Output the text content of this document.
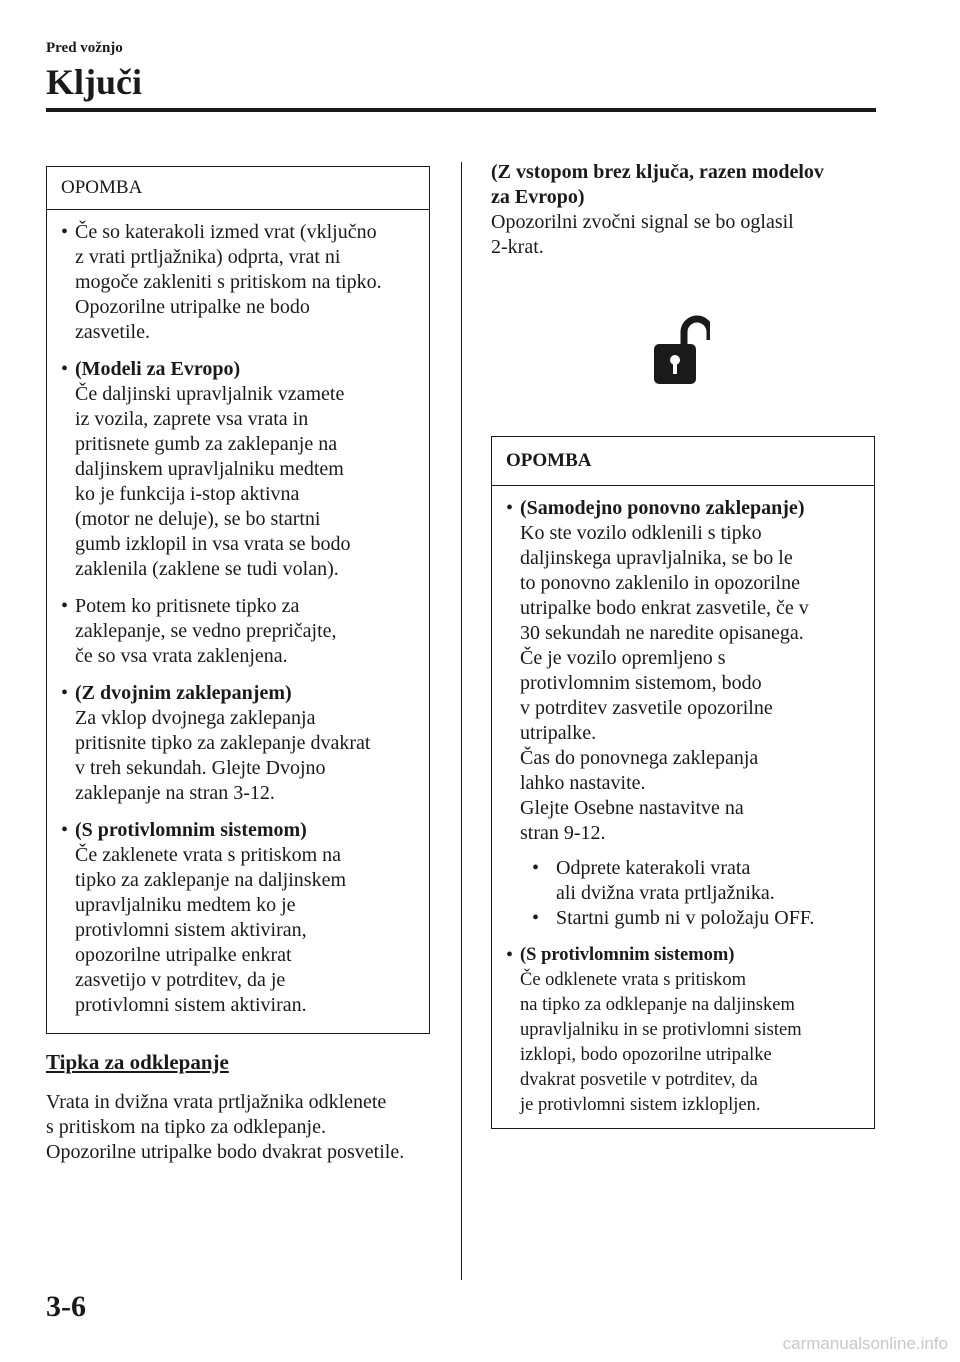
Pred vožnjo
Ključi
OPOMBA
• Če so katerakoli izmed vrat (vključno
z vrati prtljažnika) odprta, vrat ni
mogoče zakleniti s pritiskom na tipko.
Opozorilne utripalke ne bodo
zasvetile.
• (Modeli za Evropo)
Če daljinski upravljalnik vzamete
iz vozila, zaprete vsa vrata in
pritisnete gumb za zaklepanje na
daljinskem upravljalniku medtem
ko je funkcija i-stop aktivna
(motor ne deluje), se bo startni
gumb izklopil in vsa vrata se bodo
zaklenila (zaklene se tudi volan).
• Potem ko pritisnete tipko za
zaklepanje, se vedno prepričajte,
če so vsa vrata zaklenjena.
• (Z dvojnim zaklepanjem)
Za vklop dvojnega zaklepanja
pritisnite tipko za zaklepanje dvakrat
v treh sekundah. Glejte Dvojno
zaklepanje na stran 3-12.
• (S protivlomnim sistemom)
Če zaklenete vrata s pritiskom na
tipko za zaklepanje na daljinskem
upravljalniku medtem ko je
protivlomni sistem aktiviran,
opozorilne utripalke enkrat
zasvetijo v potrditev, da je
protivlomni sistem aktiviran.
Tipka za odklepanje
Vrata in dvižna vrata prtljažnika odklenete
s pritiskom na tipko za odklepanje.
Opozorilne utripalke bodo dvakrat posvetile.
(Z vstopom brez ključa, razen modelov
za Evropo)
Opozorilni zvočni signal se bo oglasil
2-krat.
OPOMBA
• (Samodejno ponovno zaklepanje)
Ko ste vozilo odklenili s tipko
daljinskega upravljalnika, se bo le
to ponovno zaklenilo in opozorilne
utripalke bodo enkrat zasvetile, če v
30 sekundah ne naredite opisanega.
Če je vozilo opremljeno s
protivlomnim sistemom, bodo
v potrditev zasvetile opozorilne
utripalke.
Čas do ponovnega zaklepanja
lahko nastavite.
Glejte Osebne nastavitve na
stran 9-12.
• Odprete katerakoli vrata
ali dvižna vrata prtljažnika.
• Startni gumb ni v položaju OFF.
• (S protivlomnim sistemom)
Če odklenete vrata s pritiskom
na tipko za odklepanje na daljinskem
upravljalniku in se protivlomni sistem
izklopi, bodo opozorilne utripalke
dvakrat posvetile v potrditev, da
je protivlomni sistem izklopljen.
3-6
carmanualsonline.info
